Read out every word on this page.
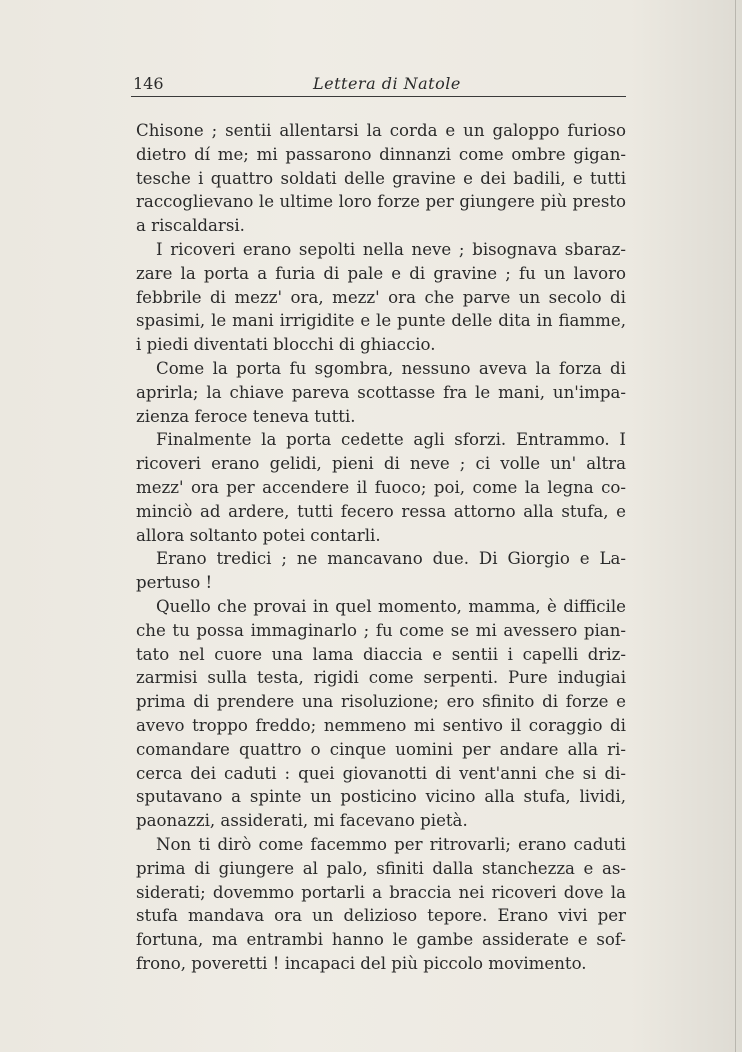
146	Lettera di Natole
Chisone ; sentii allentarsi la corda e un galoppo furioso
dietro dí me; mi passarono dinnanzi come ombre gigan-
tesche i quattro soldati delle gravine e dei badili, e tutti
raccoglievano le ultime loro forze per giungere più presto
a riscaldarsi.
I ricoveri erano sepolti nella neve ; bisognava sbaraz-
zare la porta a furia di pale e di gravine ; fu un lavoro
febbrile di mezz' ora, mezz' ora che parve un secolo di
spasimi, le mani irrigidite e le punte delle dita in fiamme,
i piedi diventati blocchi di ghiaccio.
Come la porta fu sgombra, nessuno aveva la forza di
aprirla; la chiave pareva scottasse fra le mani, un'impa-
zienza feroce teneva tutti.
Finalmente la porta cedette agli sforzi. Entrammo. I
ricoveri erano gelidi, pieni di neve ; ci volle un' altra
mezz' ora per accendere il fuoco; poi, come la legna co-
minciò ad ardere, tutti fecero ressa attorno alla stufa, e
allora soltanto potei contarli.
Erano tredici ; ne mancavano due. Di Giorgio e La-
pertuso !
Quello che provai in quel momento, mamma, è difficile
che tu possa immaginarlo ; fu come se mi avessero pian-
tato nel cuore una lama diaccia e sentii i capelli driz-
zarmisi sulla testa, rigidi come serpenti. Pure indugiai
prima di prendere una risoluzione; ero sfinito di forze e
avevo troppo freddo; nemmeno mi sentivo il coraggio di
comandare quattro o cinque uomini per andare alla ri-
cerca dei caduti : quei giovanotti di vent'anni che si di-
sputavano a spinte un posticino vicino alla stufa, lividi,
paonazzi, assiderati, mi facevano pietà.
Non ti dirò come facemmo per ritrovarli; erano caduti
prima di giungere al palo, sfiniti dalla stanchezza e as-
siderati; dovemmo portarli a braccia nei ricoveri dove la
stufa mandava ora un delizioso tepore. Erano vivi per
fortuna, ma entrambi hanno le gambe assiderate e sof-
frono, poveretti ! incapaci del più piccolo movimento.
